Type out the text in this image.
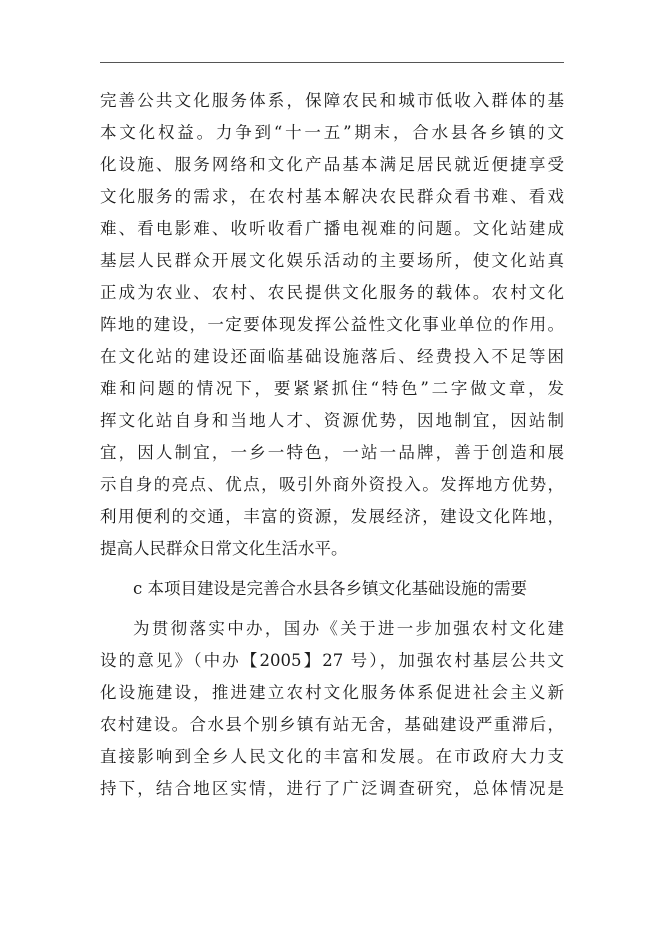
完善公共文化服务体系，保障农民和城市低收入群体的基
本文化权益。力争到“十一五”期末，合水县各乡镇的文
化设施、服务网络和文化产品基本满足居民就近便捷享受
文化服务的需求，在农村基本解决农民群众看书难、看戏
难、看电影难、收听收看广播电视难的问题。文化站建成
基层人民群众开展文化娱乐活动的主要场所，使文化站真
正成为农业、农村、农民提供文化服务的载体。农村文化
阵地的建设，一定要体现发挥公益性文化事业单位的作用。
在文化站的建设还面临基础设施落后、经费投入不足等困
难和问题的情况下，要紧紧抓住“特色”二字做文章，发
挥文化站自身和当地人才、资源优势，因地制宜，因站制
宜，因人制宜，一乡一特色，一站一品牌，善于创造和展
示自身的亮点、优点，吸引外商外资投入。发挥地方优势，
利用便利的交通，丰富的资源，发展经济，建设文化阵地，
提高人民群众日常文化生活水平。
c 本项目建设是完善合水县各乡镇文化基础设施的需要
为贯彻落实中办，国办《关于进一步加强农村文化建
设的意见》（中办【2005】27 号），加强农村基层公共文
化设施建设，推进建立农村文化服务体系促进社会主义新
农村建设。合水县个别乡镇有站无舍，基础建设严重滞后，
直接影响到全乡人民文化的丰富和发展。在市政府大力支
持下，结合地区实情，进行了广泛调查研究，总体情况是
